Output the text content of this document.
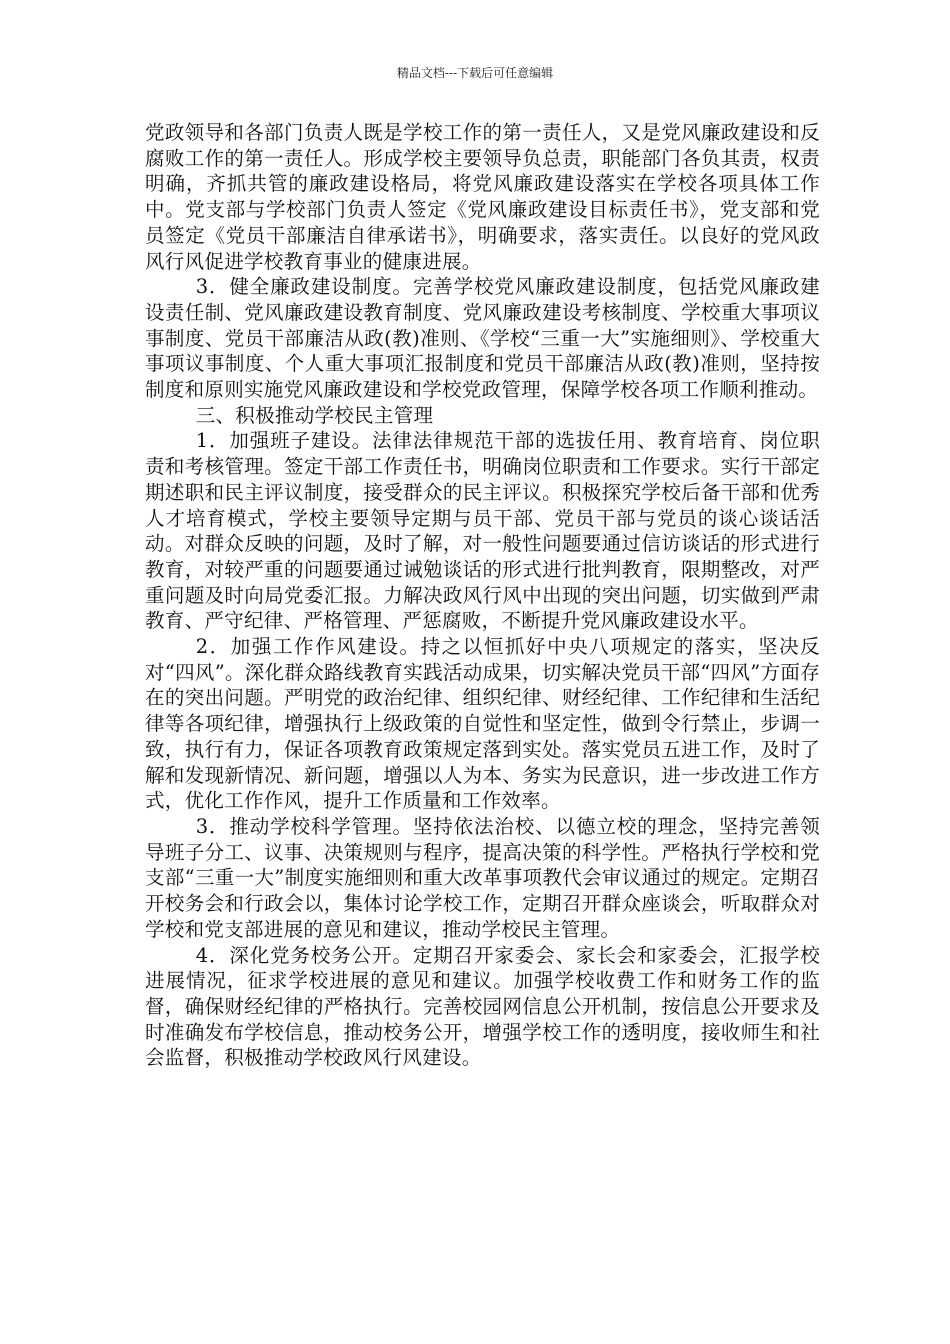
精品文档---下载后可任意编辑

党政领导和各部门负责人既是学校工作的第一责任人，又是党风廉政建设和反腐败工作的第一责任人。形成学校主要领导负总责，职能部门各负其责，权责明确，齐抓共管的廉政建设格局，将党风廉政建设落实在学校各项具体工作中。党支部与学校部门负责人签定《党风廉政建设目标责任书》，党支部和党员签定《党员干部廉洁自律承诺书》，明确要求，落实责任。以良好的党风政风行风促进学校教育事业的健康进展。

3．健全廉政建设制度。完善学校党风廉政建设制度，包括党风廉政建设责任制、党风廉政建设教育制度、党风廉政建设考核制度、学校重大事项议事制度、党员干部廉洁从政(教)准则、《学校“三重一大”实施细则》、学校重大事项议事制度、个人重大事项汇报制度和党员干部廉洁从政(教)准则，坚持按制度和原则实施党风廉政建设和学校党政管理，保障学校各项工作顺利推动。

三、积极推动学校民主管理

1．加强班子建设。法律法律规范干部的选拔任用、教育培育、岗位职责和考核管理。签定干部工作责任书，明确岗位职责和工作要求。实行干部定期述职和民主评议制度，接受群众的民主评议。积极探究学校后备干部和优秀人才培育模式，学校主要领导定期与员干部、党员干部与党员的谈心谈话活动。对群众反映的问题，及时了解，对一般性问题要通过信访谈话的形式进行教育，对较严重的问题要通过诫勉谈话的形式进行批判教育，限期整改，对严重问题及时向局党委汇报。力解决政风行风中出现的突出问题，切实做到严肃教育、严守纪律、严格管理、严惩腐败，不断提升党风廉政建设水平。

2．加强工作作风建设。持之以恒抓好中央八项规定的落实，坚决反对“四风”。深化群众路线教育实践活动成果，切实解决党员干部“四风”方面存在的突出问题。严明党的政治纪律、组织纪律、财经纪律、工作纪律和生活纪律等各项纪律，增强执行上级政策的自觉性和坚定性，做到令行禁止，步调一致，执行有力，保证各项教育政策规定落到实处。落实党员五进工作，及时了解和发现新情况、新问题，增强以人为本、务实为民意识，进一步改进工作方式，优化工作作风，提升工作质量和工作效率。

3．推动学校科学管理。坚持依法治校、以德立校的理念，坚持完善领导班子分工、议事、决策规则与程序，提高决策的科学性。严格执行学校和党支部“三重一大”制度实施细则和重大改革事项教代会审议通过的规定。定期召开校务会和行政会以，集体讨论学校工作，定期召开群众座谈会，听取群众对学校和党支部进展的意见和建议，推动学校民主管理。

4．深化党务校务公开。定期召开家委会、家长会和家委会，汇报学校进展情况，征求学校进展的意见和建议。加强学校收费工作和财务工作的监督，确保财经纪律的严格执行。完善校园网信息公开机制，按信息公开要求及时准确发布学校信息，推动校务公开，增强学校工作的透明度，接收师生和社会监督，积极推动学校政风行风建设。
